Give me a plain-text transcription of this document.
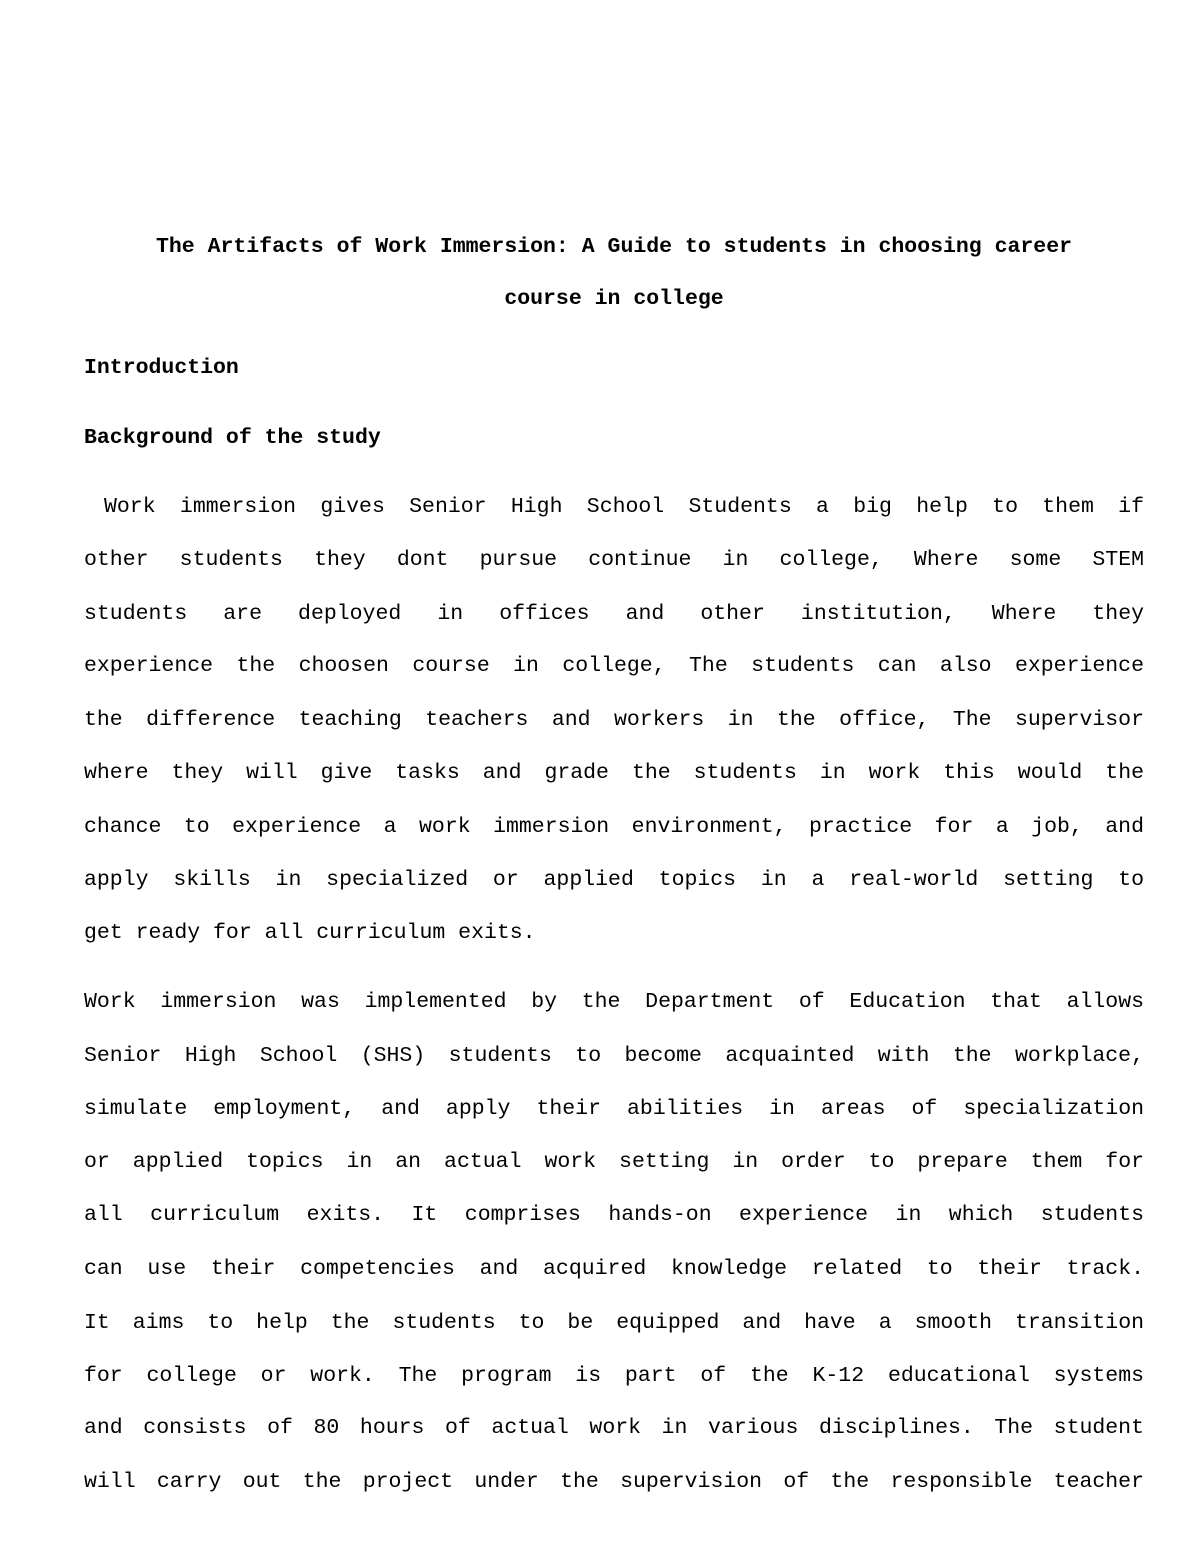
The Artifacts of Work Immersion: A Guide to students in choosing career
course in college
Introduction
Background of the study
Work immersion gives Senior High School Students a big help to them if
other students they dont pursue continue in college, Where some STEM
students are deployed in offices and other institution, Where they
experience the choosen course in college, The students can also experience
the difference teaching teachers and workers in the office, The supervisor
where they will give tasks and grade the students in work this would the
chance to experience a work immersion environment, practice for a job, and
apply skills in specialized or applied topics in a real-world setting to
get ready for all curriculum exits.
Work immersion was implemented by the Department of Education that allows
Senior High School (SHS) students to become acquainted with the workplace,
simulate employment, and apply their abilities in areas of specialization
or applied topics in an actual work setting in order to prepare them for
all curriculum exits. It comprises hands-on experience in which students
can use their competencies and acquired knowledge related to their track.
It aims to help the students to be equipped and have a smooth transition
for college or work. The program is part of the K-12 educational systems
and consists of 80 hours of actual work in various disciplines. The student
will carry out the project under the supervision of the responsible teacher
